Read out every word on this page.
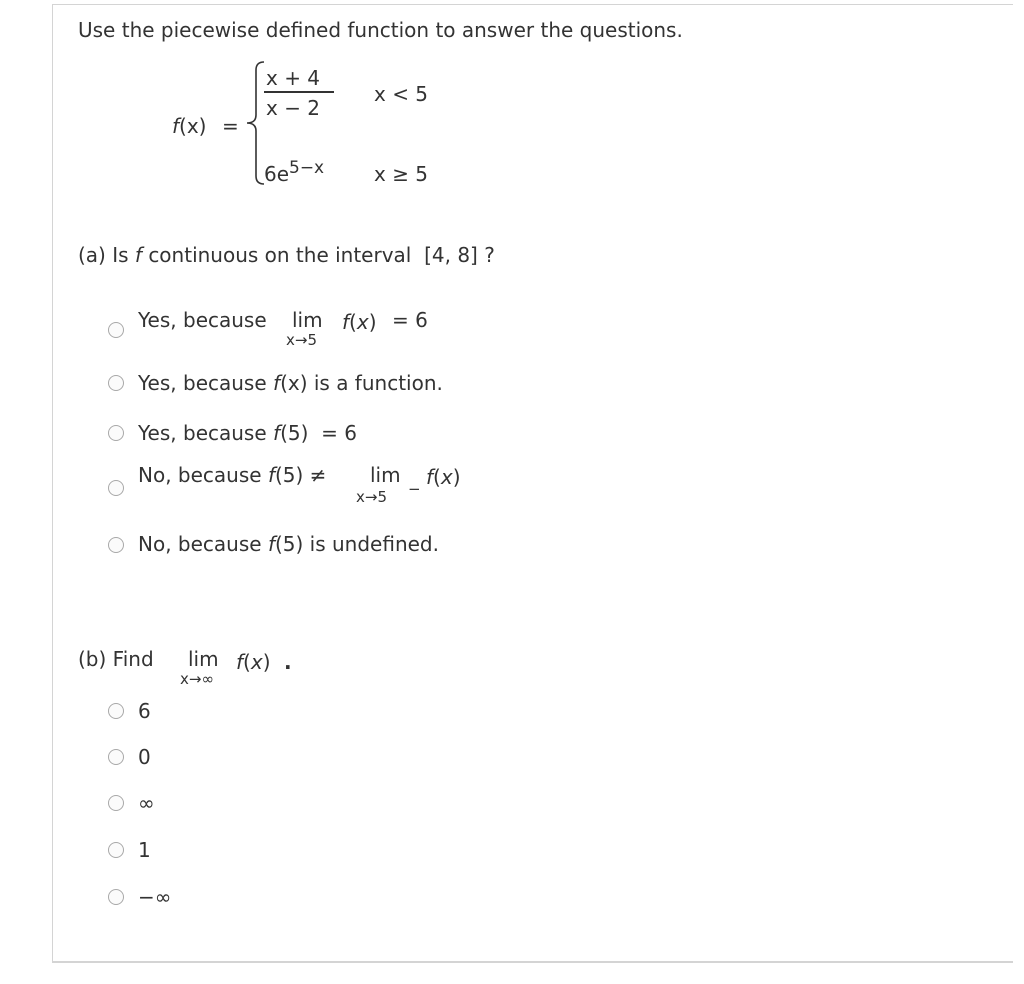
Use the piecewise defined function to answer the questions.
f(x) =
x + 4
x − 2
x < 5
6e 5−x x ≥ 5
(a) Is f continuous on the interval [4, 8] ?
Yes, because lim
x→5
f(x) = 6
Yes, because f(x) is a function.
Yes, because f(5) = 6
No, because f(5) ≠ lim
x→5 − f(x)
No, because f(5) is undefined.
(b) Find lim
x→∞
f(x) .
6
0
∞
1
−∞
